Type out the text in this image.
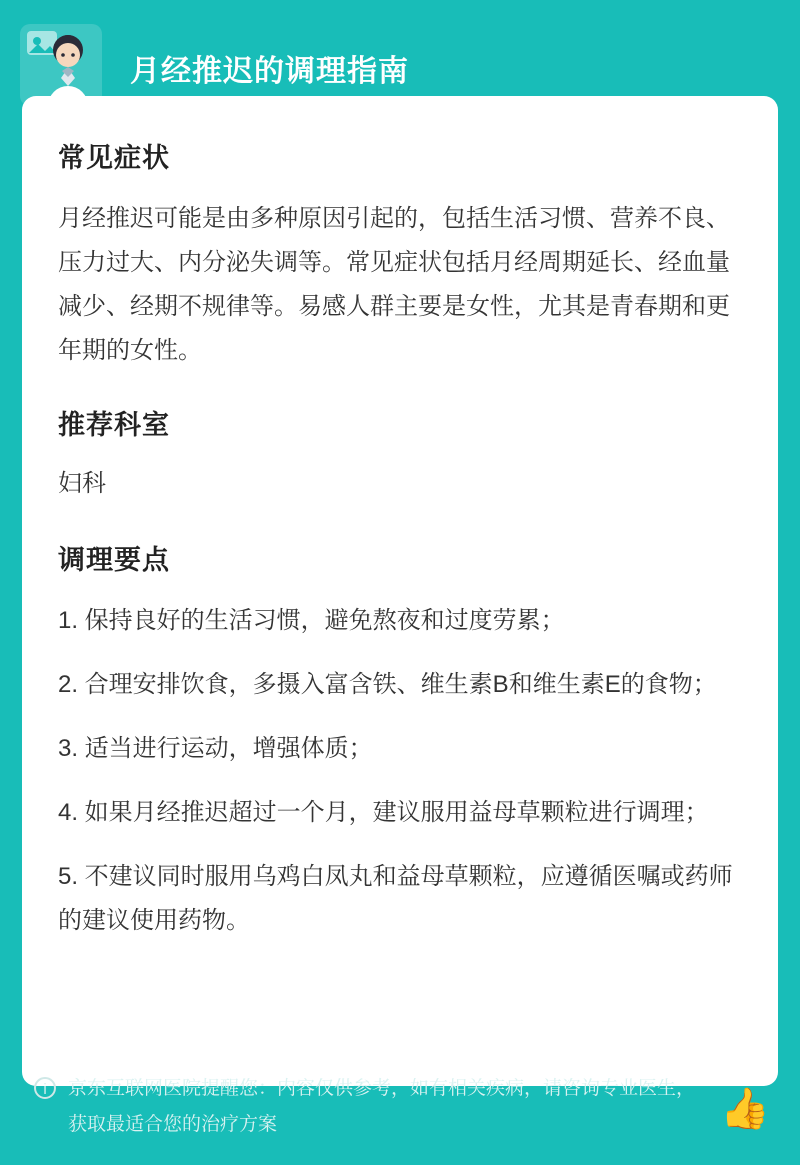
月经推迟的调理指南
常见症状

月经推迟可能是由多种原因引起的，包括生活习惯、营养不良、压力过大、内分泌失调等。常见症状包括月经周期延长、经血量减少、经期不规律等。易感人群主要是女性，尤其是青春期和更年期的女性。

推荐科室

妇科

调理要点
1. 保持良好的生活习惯，避免熬夜和过度劳累；
2. 合理安排饮食，多摄入富含铁、维生素B和维生素E的食物；
3. 适当进行运动，增强体质；
4. 如果月经推迟超过一个月，建议服用益母草颗粒进行调理；
5. 不建议同时服用乌鸡白凤丸和益母草颗粒，应遵循医嘱或药师的建议使用药物。
i	京东互联网医院提醒您：内容仅供参考，如有相关疾病，请咨询专业医生，获取最适合您的治疗方案	👍
